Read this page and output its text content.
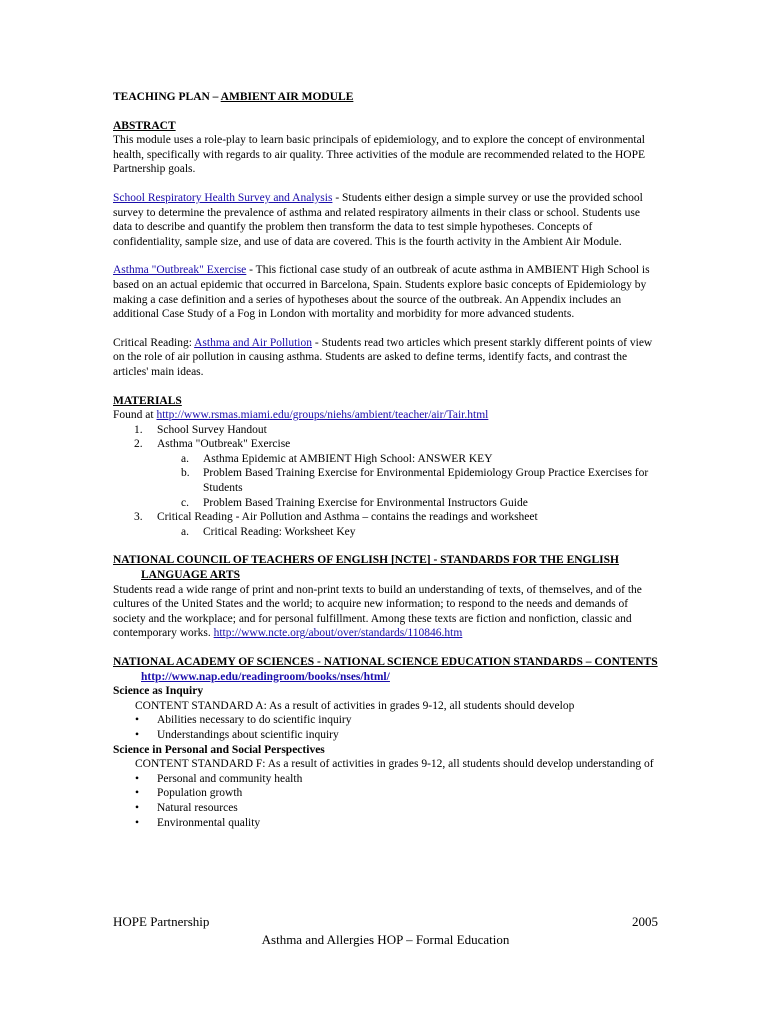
TEACHING PLAN – AMBIENT AIR MODULE

ABSTRACT

This module uses a role-play to learn basic principals of epidemiology, and to explore the concept of environmental health, specifically with regards to air quality. Three activities of the module are recommended related to the HOPE Partnership goals.

School Respiratory Health Survey and Analysis - Students either design a simple survey or use the provided school survey to determine the prevalence of asthma and related respiratory ailments in their class or school. Students use data to describe and quantify the problem then transform the data to test simple hypotheses. Concepts of confidentiality, sample size, and use of data are covered. This is the fourth activity in the Ambient Air Module.

Asthma "Outbreak" Exercise - This fictional case study of an outbreak of acute asthma in AMBIENT High School is based on an actual epidemic that occurred in Barcelona, Spain. Students explore basic concepts of Epidemiology by making a case definition and a series of hypotheses about the source of the outbreak. An Appendix includes an additional Case Study of a Fog in London with mortality and morbidity for more advanced students.

Critical Reading: Asthma and Air Pollution - Students read two articles which present starkly different points of view on the role of air pollution in causing asthma. Students are asked to define terms, identify facts, and contrast the articles' main ideas.

MATERIALS

Found at http://www.rsmas.miami.edu/groups/niehs/ambient/teacher/air/Tair.html

1. School Survey Handout
2. Asthma "Outbreak" Exercise
a. Asthma Epidemic at AMBIENT High School: ANSWER KEY
b. Problem Based Training Exercise for Environmental Epidemiology Group Practice Exercises for Students
c. Problem Based Training Exercise for Environmental Instructors Guide
3. Critical Reading - Air Pollution and Asthma – contains the readings and worksheet
a. Critical Reading: Worksheet Key

NATIONAL COUNCIL OF TEACHERS OF ENGLISH [NCTE] - STANDARDS FOR THE ENGLISH LANGUAGE ARTS

Students read a wide range of print and non-print texts to build an understanding of texts, of themselves, and of the cultures of the United States and the world; to acquire new information; to respond to the needs and demands of society and the workplace; and for personal fulfillment. Among these texts are fiction and nonfiction, classic and contemporary works. http://www.ncte.org/about/over/standards/110846.htm

NATIONAL ACADEMY OF SCIENCES - NATIONAL SCIENCE EDUCATION STANDARDS – CONTENTS http://www.nap.edu/readingroom/books/nses/html/

Science as Inquiry

CONTENT STANDARD A: As a result of activities in grades 9-12, all students should develop

• Abilities necessary to do scientific inquiry
• Understandings about scientific inquiry

Science in Personal and Social Perspectives

CONTENT STANDARD F: As a result of activities in grades 9-12, all students should develop understanding of

• Personal and community health
• Population growth
• Natural resources
• Environmental quality
HOPE Partnership	2005
Asthma and Allergies HOP – Formal Education
